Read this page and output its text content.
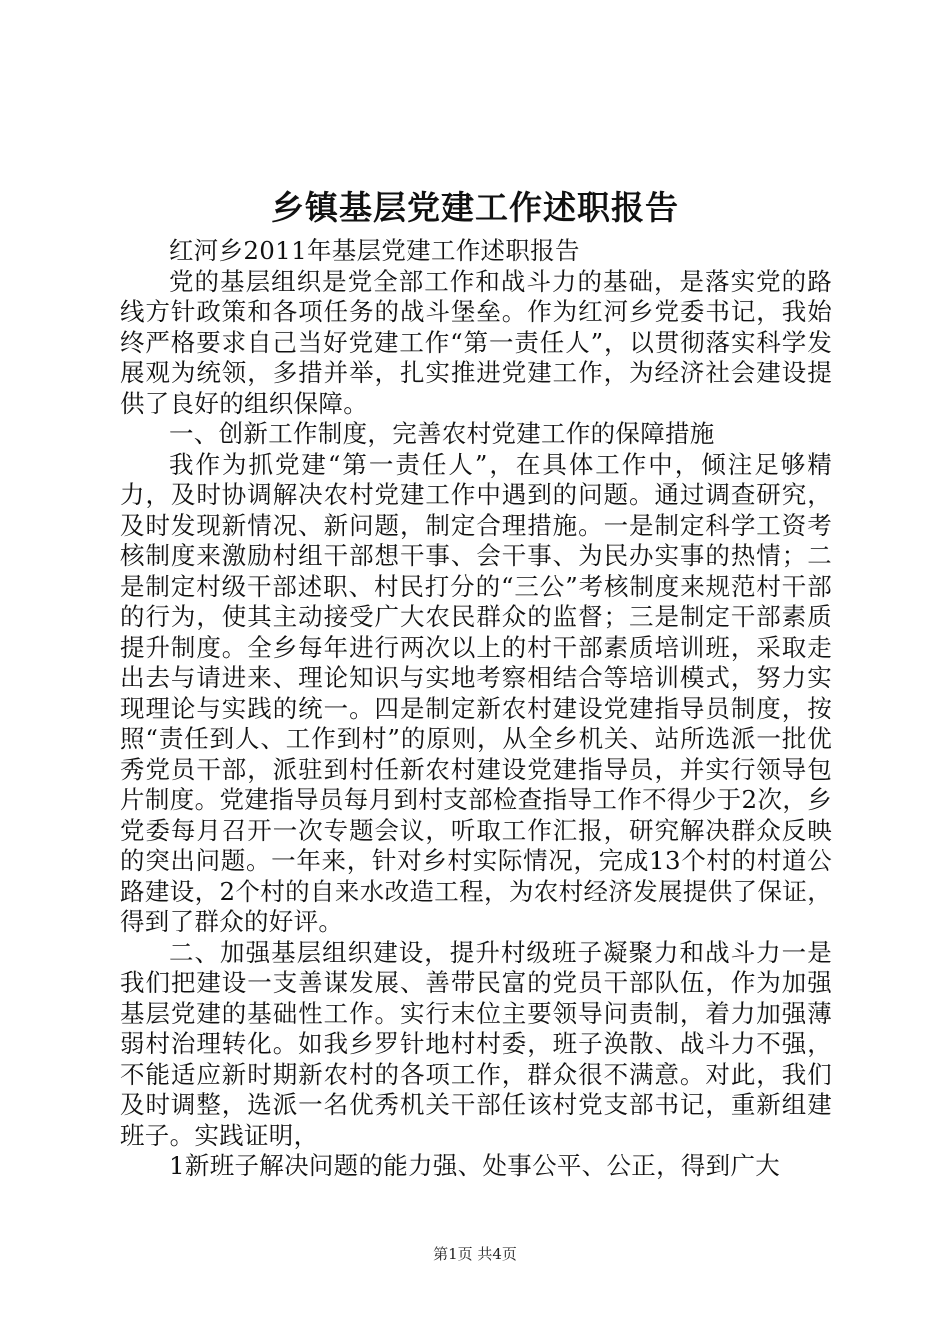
乡镇基层党建工作述职报告

红河乡2011年基层党建工作述职报告

党的基层组织是党全部工作和战斗力的基础，是落实党的路线方针政策和各项任务的战斗堡垒。作为红河乡党委书记，我始终严格要求自己当好党建工作“第一责任人”，以贯彻落实科学发展观为统领，多措并举，扎实推进党建工作，为经济社会建设提供了良好的组织保障。

一、创新工作制度，完善农村党建工作的保障措施

我作为抓党建“第一责任人”，在具体工作中，倾注足够精力，及时协调解决农村党建工作中遇到的问题。通过调查研究，及时发现新情况、新问题，制定合理措施。一是制定科学工资考核制度来激励村组干部想干事、会干事、为民办实事的热情；二是制定村级干部述职、村民打分的“三公”考核制度来规范村干部的行为，使其主动接受广大农民群众的监督；三是制定干部素质提升制度。全乡每年进行两次以上的村干部素质培训班，采取走出去与请进来、理论知识与实地考察相结合等培训模式，努力实现理论与实践的统一。四是制定新农村建设党建指导员制度，按照“责任到人、工作到村”的原则，从全乡机关、站所选派一批优秀党员干部，派驻到村任新农村建设党建指导员，并实行领导包片制度。党建指导员每月到村支部检查指导工作不得少于2次，乡党委每月召开一次专题会议，听取工作汇报，研究解决群众反映的突出问题。一年来，针对乡村实际情况，完成13个村的村道公路建设，2个村的自来水改造工程，为农村经济发展提供了保证，得到了群众的好评。

二、加强基层组织建设，提升村级班子凝聚力和战斗力一是我们把建设一支善谋发展、善带民富的党员干部队伍，作为加强基层党建的基础性工作。实行末位主要领导问责制，着力加强薄弱村治理转化。如我乡罗针地村村委，班子涣散、战斗力不强，不能适应新时期新农村的各项工作，群众很不满意。对此，我们及时调整，选派一名优秀机关干部任该村党支部书记，重新组建班子。实践证明，

1新班子解决问题的能力强、处事公平、公正，得到广大

第1页 共4页
